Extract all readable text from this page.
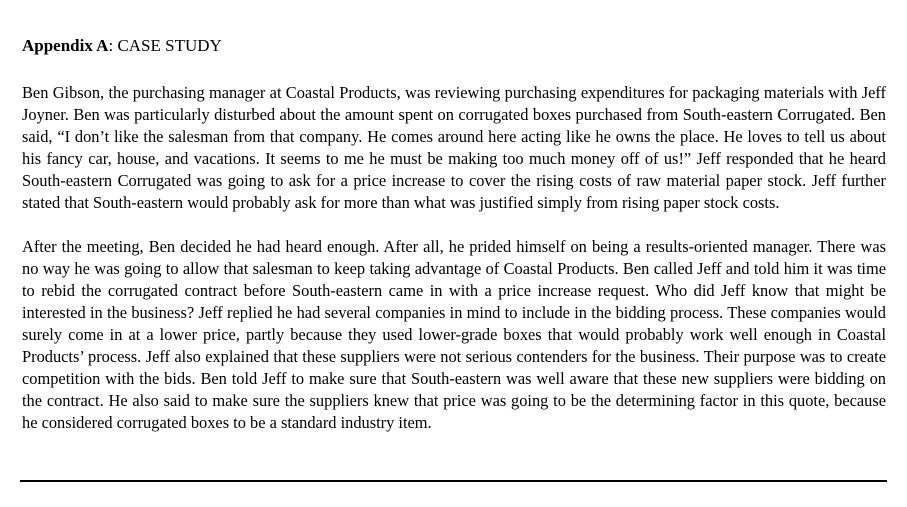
Appendix A: CASE STUDY

Ben Gibson, the purchasing manager at Coastal Products, was reviewing purchasing expenditures for packaging materials with Jeff Joyner. Ben was particularly disturbed about the amount spent on corrugated boxes purchased from South-eastern Corrugated. Ben said, “I don’t like the salesman from that company. He comes around here acting like he owns the place. He loves to tell us about his fancy car, house, and vacations. It seems to me he must be making too much money off of us!” Jeff responded that he heard South-eastern Corrugated was going to ask for a price increase to cover the rising costs of raw material paper stock. Jeff further stated that South-eastern would probably ask for more than what was justified simply from rising paper stock costs.

After the meeting, Ben decided he had heard enough. After all, he prided himself on being a results-oriented manager. There was no way he was going to allow that salesman to keep taking advantage of Coastal Products. Ben called Jeff and told him it was time to rebid the corrugated contract before South-eastern came in with a price increase request. Who did Jeff know that might be interested in the business? Jeff replied he had several companies in mind to include in the bidding process. These companies would surely come in at a lower price, partly because they used lower-grade boxes that would probably work well enough in Coastal Products’ process. Jeff also explained that these suppliers were not serious contenders for the business. Their purpose was to create competition with the bids. Ben told Jeff to make sure that South-eastern was well aware that these new suppliers were bidding on the contract. He also said to make sure the suppliers knew that price was going to be the determining factor in this quote, because he considered corrugated boxes to be a standard industry item.
